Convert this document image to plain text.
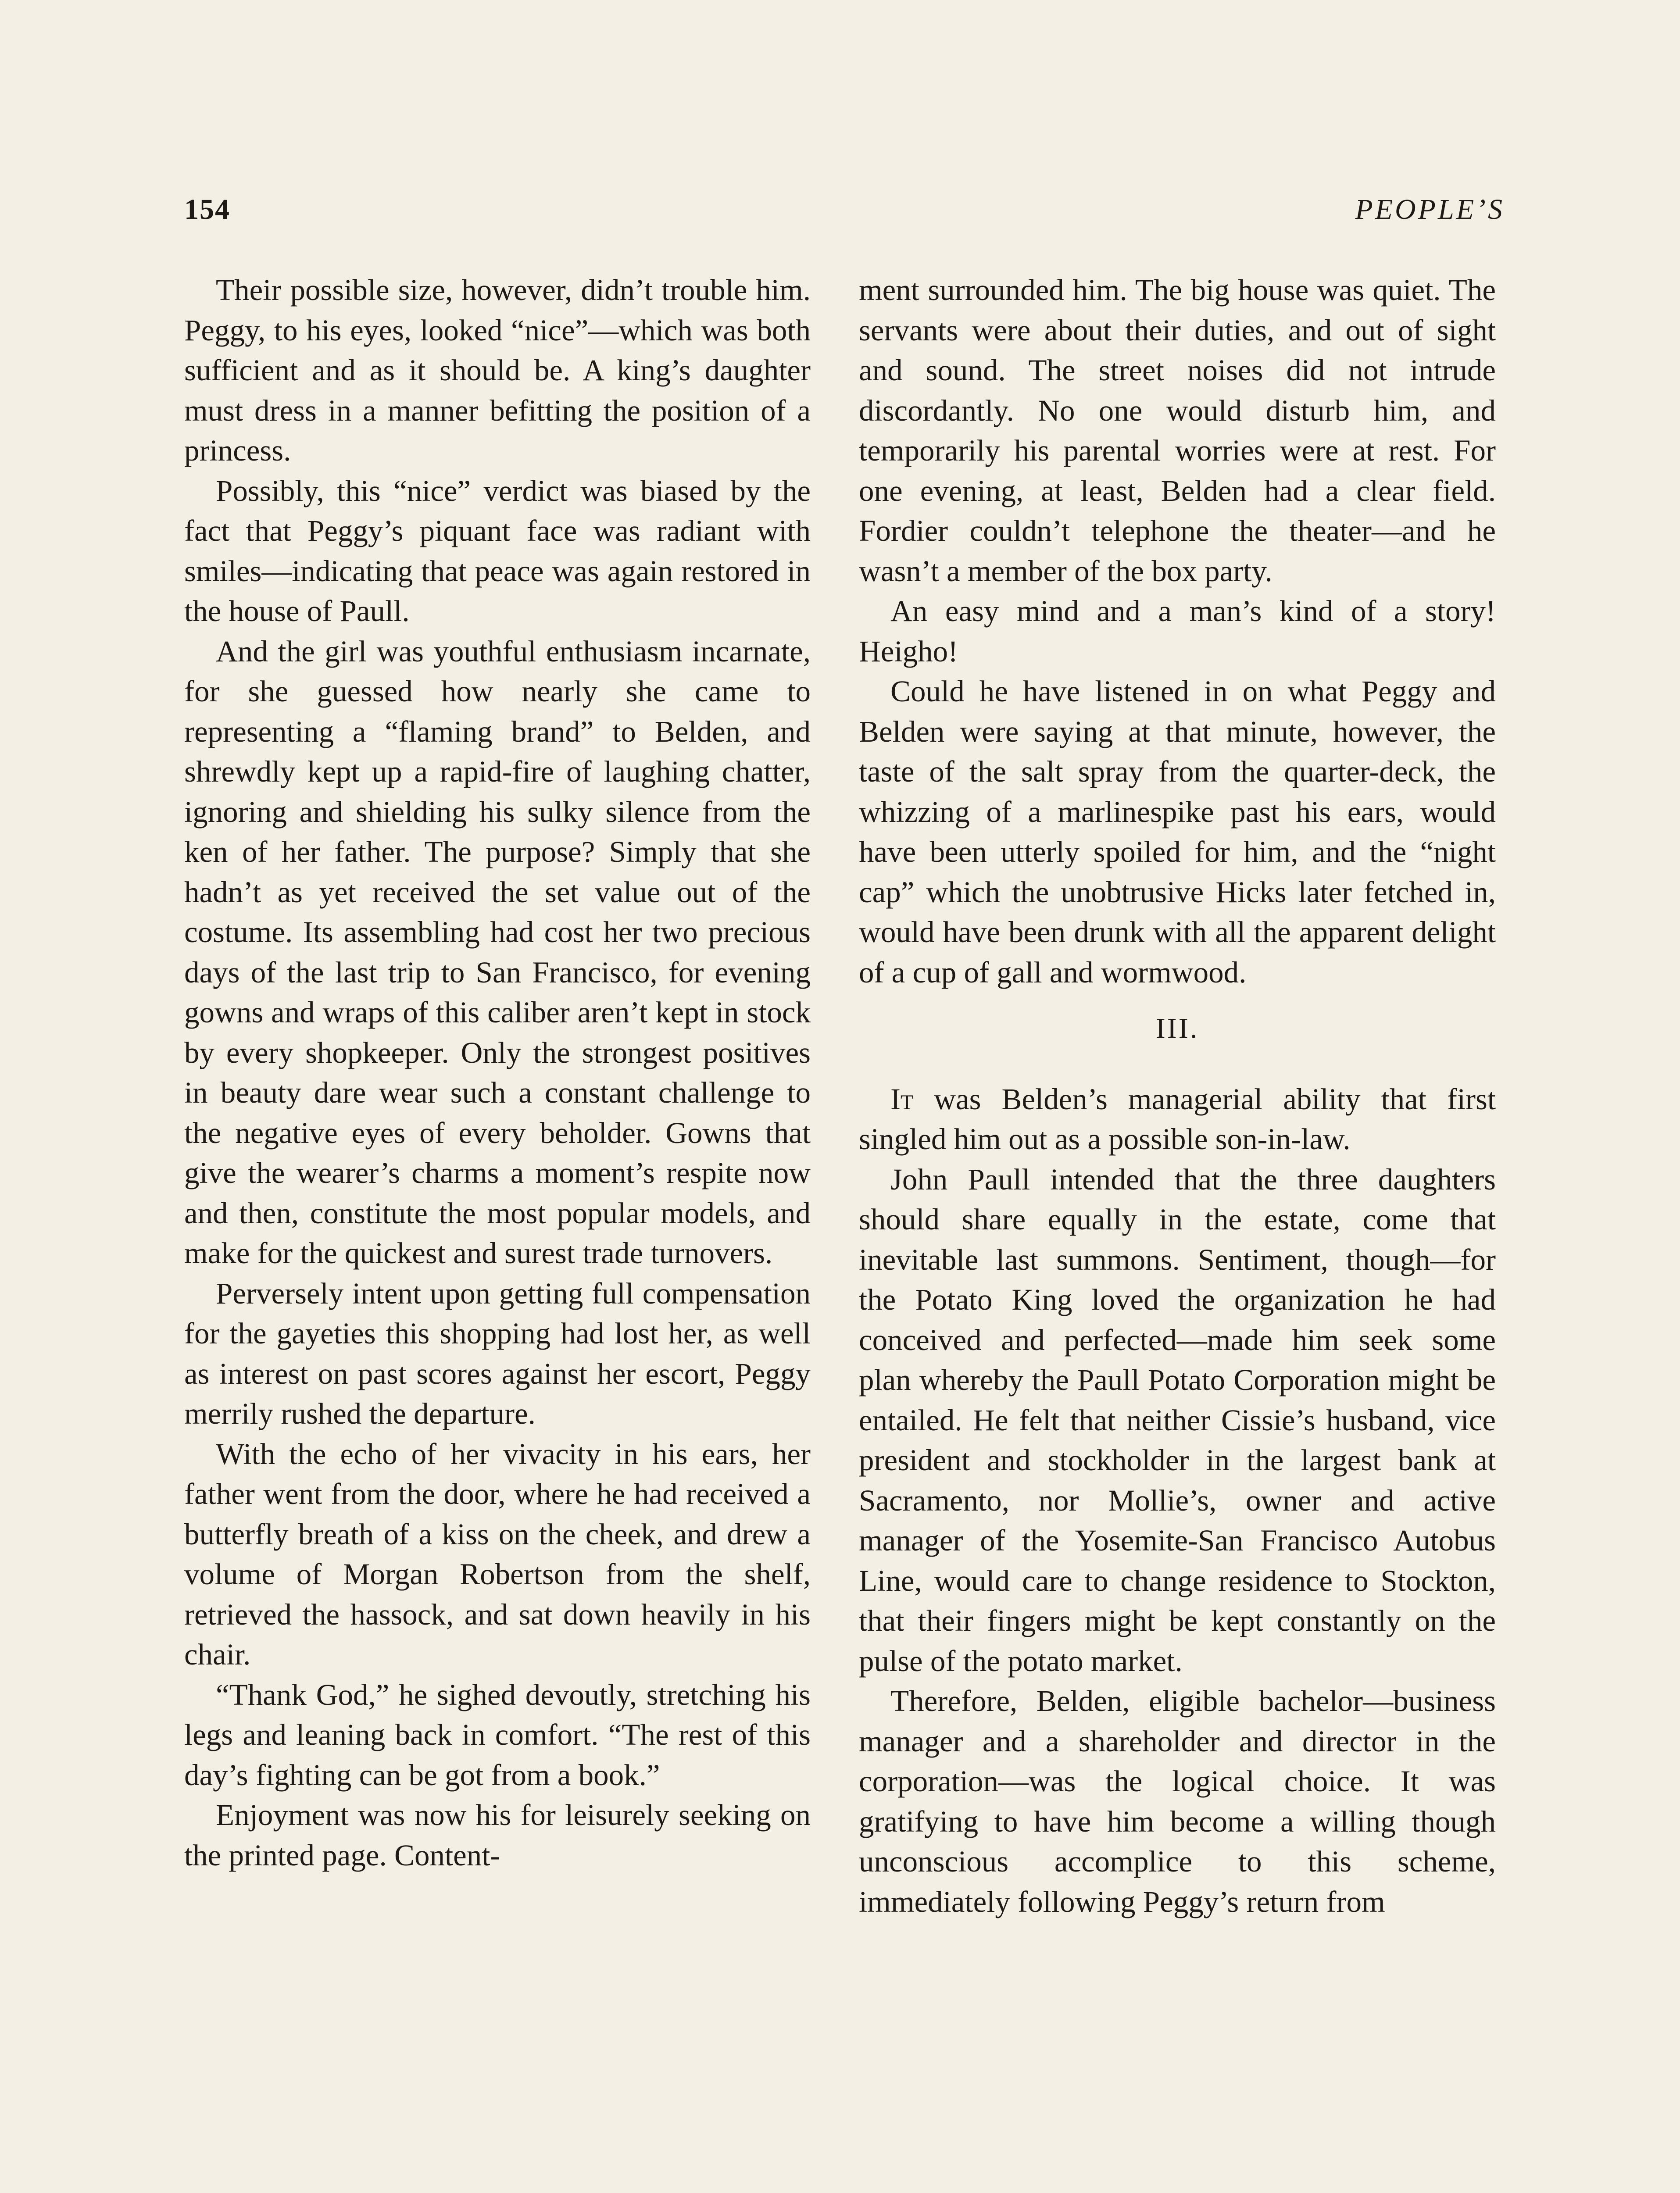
154	PEOPLE’S

Their possible size, however, didn’t trouble him. Peggy, to his eyes, looked “nice”—which was both sufficient and as it should be. A king’s daughter must dress in a manner befitting the position of a princess.

Possibly, this “nice” verdict was biased by the fact that Peggy’s piquant face was radiant with smiles—indicating that peace was again restored in the house of Paull.

And the girl was youthful enthusiasm incarnate, for she guessed how nearly she came to representing a “flaming brand” to Belden, and shrewdly kept up a rapid-fire of laughing chatter, ignoring and shielding his sulky silence from the ken of her father. The purpose? Simply that she hadn’t as yet received the set value out of the costume. Its assembling had cost her two precious days of the last trip to San Francisco, for evening gowns and wraps of this caliber aren’t kept in stock by every shopkeeper. Only the strongest positives in beauty dare wear such a constant challenge to the negative eyes of every beholder. Gowns that give the wearer’s charms a moment’s respite now and then, constitute the most popular models, and make for the quickest and surest trade turnovers.

Perversely intent upon getting full compensation for the gayeties this shopping had lost her, as well as interest on past scores against her escort, Peggy merrily rushed the departure.

With the echo of her vivacity in his ears, her father went from the door, where he had received a butterfly breath of a kiss on the cheek, and drew a volume of Morgan Robertson from the shelf, retrieved the hassock, and sat down heavily in his chair.

“Thank God,” he sighed devoutly, stretching his legs and leaning back in comfort. “The rest of this day’s fighting can be got from a book.”

Enjoyment was now his for leisurely seeking on the printed page. Content-

ment surrounded him. The big house was quiet. The servants were about their duties, and out of sight and sound. The street noises did not intrude discordantly. No one would disturb him, and temporarily his parental worries were at rest. For one evening, at least, Belden had a clear field. Fordier couldn’t telephone the theater—and he wasn’t a member of the box party.

An easy mind and a man’s kind of a story! Heigho!

Could he have listened in on what Peggy and Belden were saying at that minute, however, the taste of the salt spray from the quarter-deck, the whizzing of a marlinespike past his ears, would have been utterly spoiled for him, and the “night cap” which the unobtrusive Hicks later fetched in, would have been drunk with all the apparent delight of a cup of gall and wormwood.

III.

It was Belden’s managerial ability that first singled him out as a possible son-in-law.

John Paull intended that the three daughters should share equally in the estate, come that inevitable last summons. Sentiment, though—for the Potato King loved the organization he had conceived and perfected—made him seek some plan whereby the Paull Potato Corporation might be entailed. He felt that neither Cissie’s husband, vice president and stockholder in the largest bank at Sacramento, nor Mollie’s, owner and active manager of the Yosemite-San Francisco Autobus Line, would care to change residence to Stockton, that their fingers might be kept constantly on the pulse of the potato market.

Therefore, Belden, eligible bachelor—business manager and a shareholder and director in the corporation—was the logical choice. It was gratifying to have him become a willing though unconscious accomplice to this scheme, immediately following Peggy’s return from
